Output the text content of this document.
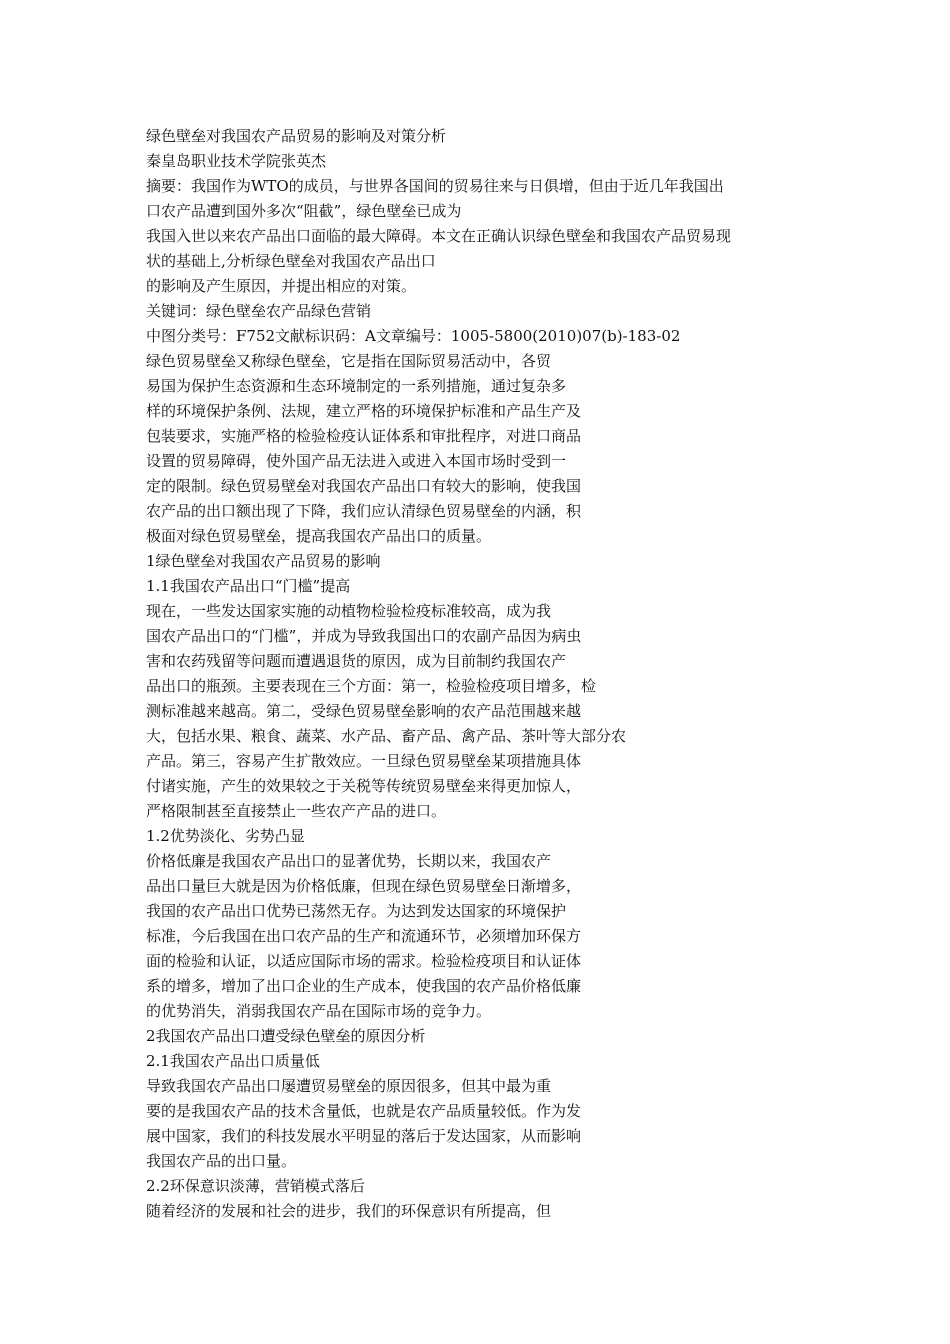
绿色壁垒对我国农产品贸易的影响及对策分析
秦皇岛职业技术学院张英杰
摘要：我国作为WTO的成员，与世界各国间的贸易往来与日俱增，但由于近几年我国出
口农产品遭到国外多次“阻截”，绿色壁垒已成为
我国入世以来农产品出口面临的最大障碍。本文在正确认识绿色壁垒和我国农产品贸易现
状的基础上,分析绿色壁垒对我国农产品出口
的影响及产生原因，并提出相应的对策。
关键词：绿色壁垒农产品绿色营销
中图分类号：F752文献标识码：A文章编号：1005-5800(2010)07(b)-183-02
绿色贸易壁垒又称绿色壁垒，它是指在国际贸易活动中，各贸
易国为保护生态资源和生态环境制定的一系列措施，通过复杂多
样的环境保护条例、法规，建立严格的环境保护标准和产品生产及
包装要求，实施严格的检验检疫认证体系和审批程序，对进口商品
设置的贸易障碍，使外国产品无法进入或进入本国市场时受到一
定的限制。绿色贸易壁垒对我国农产品出口有较大的影响，使我国
农产品的出口额出现了下降，我们应认清绿色贸易壁垒的内涵，积
极面对绿色贸易壁垒，提高我国农产品出口的质量。
1绿色壁垒对我国农产品贸易的影响
1.1我国农产品出口“门槛”提高
现在，一些发达国家实施的动植物检验检疫标准较高，成为我
国农产品出口的“门槛”，并成为导致我国出口的农副产品因为病虫
害和农药残留等问题而遭遇退货的原因，成为目前制约我国农产
品出口的瓶颈。主要表现在三个方面：第一，检验检疫项目增多，检
测标准越来越高。第二，受绿色贸易壁垒影响的农产品范围越来越
大，包括水果、粮食、蔬菜、水产品、畜产品、禽产品、茶叶等大部分农
产品。第三，容易产生扩散效应。一旦绿色贸易壁垒某项措施具体
付诸实施，产生的效果较之于关税等传统贸易壁垒来得更加惊人，
严格限制甚至直接禁止一些农产产品的进口。
1.2优势淡化、劣势凸显
价格低廉是我国农产品出口的显著优势，长期以来，我国农产
品出口量巨大就是因为价格低廉，但现在绿色贸易壁垒日渐增多，
我国的农产品出口优势已荡然无存。为达到发达国家的环境保护
标准，今后我国在出口农产品的生产和流通环节，必须增加环保方
面的检验和认证，以适应国际市场的需求。检验检疫项目和认证体
系的增多，增加了出口企业的生产成本，使我国的农产品价格低廉
的优势消失，消弱我国农产品在国际市场的竞争力。
2我国农产品出口遭受绿色壁垒的原因分析
2.1我国农产品出口质量低
导致我国农产品出口屡遭贸易壁垒的原因很多，但其中最为重
要的是我国农产品的技术含量低，也就是农产品质量较低。作为发
展中国家，我们的科技发展水平明显的落后于发达国家，从而影响
我国农产品的出口量。
2.2环保意识淡薄，营销模式落后
随着经济的发展和社会的进步，我们的环保意识有所提高，但
